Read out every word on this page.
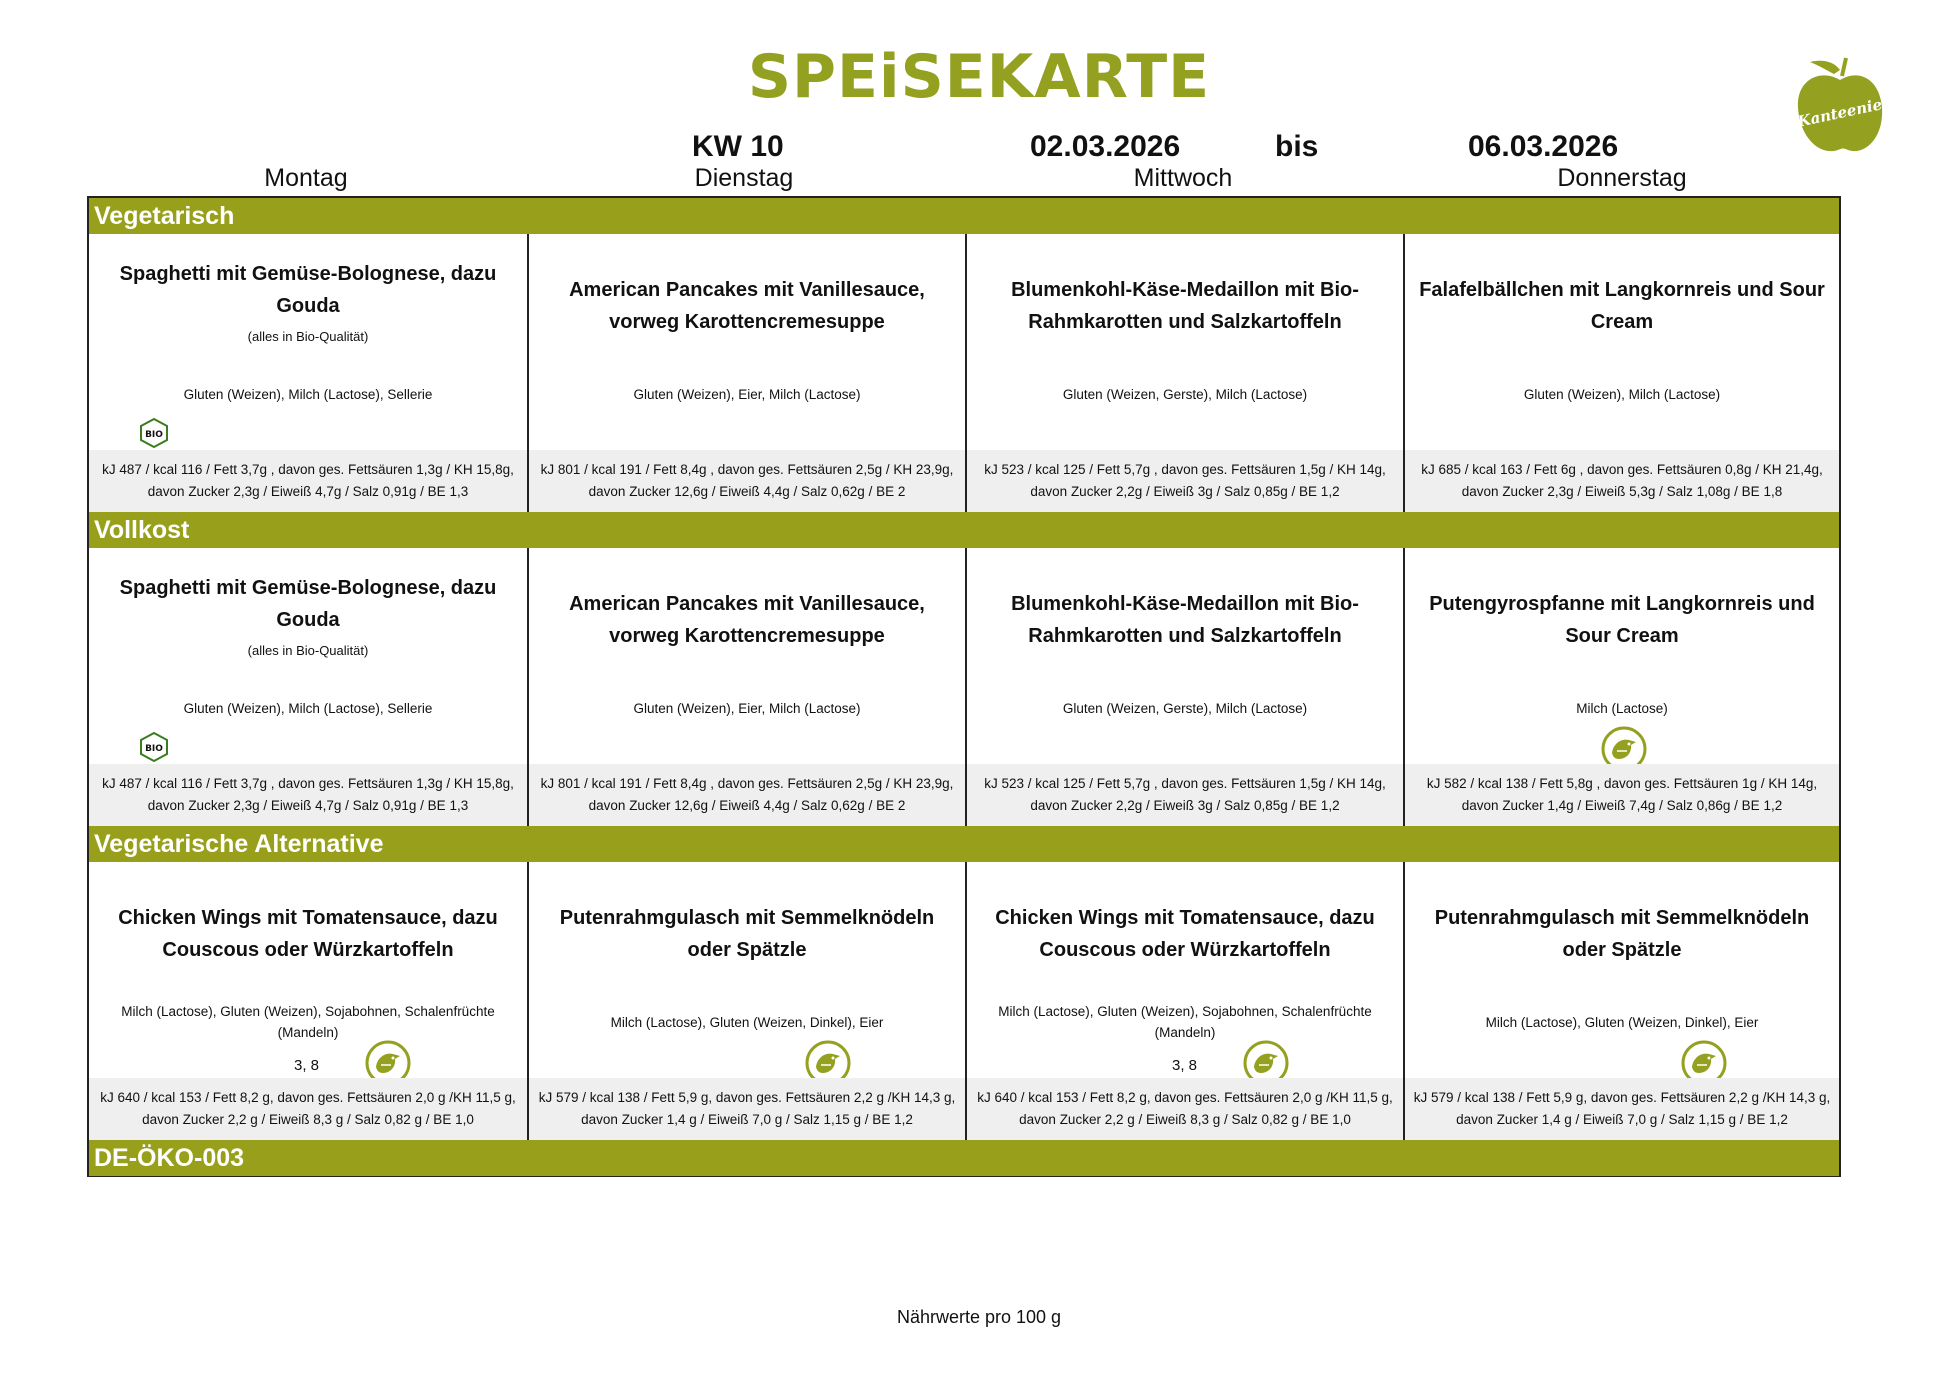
SPEiSEKARTE
Kanteenie
KW 10	02.03.2026	bis	06.03.2026
Montag	Dienstag	Mittwoch	Donnerstag
Vegetarisch
Spaghetti mit Gemüse-Bolognese, dazu Gouda
(alles in Bio-Qualität)
Gluten (Weizen), Milch (Lactose), Sellerie
BIO
kJ 487 / kcal 116 / Fett 3,7g , davon ges. Fettsäuren 1,3g / KH 15,8g, davon Zucker 2,3g / Eiweiß 4,7g / Salz 0,91g / BE 1,3
American Pancakes mit Vanillesauce, vorweg Karottencremesuppe
Gluten (Weizen), Eier, Milch (Lactose)
kJ 801 / kcal 191 / Fett 8,4g , davon ges. Fettsäuren 2,5g / KH 23,9g, davon Zucker 12,6g / Eiweiß 4,4g / Salz 0,62g / BE 2
Blumenkohl-Käse-Medaillon mit Bio-Rahmkarotten und Salzkartoffeln
Gluten (Weizen, Gerste), Milch (Lactose)
kJ 523 / kcal 125 / Fett 5,7g , davon ges. Fettsäuren 1,5g / KH 14g, davon Zucker 2,2g / Eiweiß 3g / Salz 0,85g / BE 1,2
Falafelbällchen mit Langkornreis und Sour Cream
Gluten (Weizen), Milch (Lactose)
kJ 685 / kcal 163 / Fett 6g , davon ges. Fettsäuren 0,8g / KH 21,4g, davon Zucker 2,3g / Eiweiß 5,3g / Salz 1,08g / BE 1,8
Vollkost
Spaghetti mit Gemüse-Bolognese, dazu Gouda
(alles in Bio-Qualität)
Gluten (Weizen), Milch (Lactose), Sellerie
BIO
kJ 487 / kcal 116 / Fett 3,7g , davon ges. Fettsäuren 1,3g / KH 15,8g, davon Zucker 2,3g / Eiweiß 4,7g / Salz 0,91g / BE 1,3
American Pancakes mit Vanillesauce, vorweg Karottencremesuppe
Gluten (Weizen), Eier, Milch (Lactose)
kJ 801 / kcal 191 / Fett 8,4g , davon ges. Fettsäuren 2,5g / KH 23,9g, davon Zucker 12,6g / Eiweiß 4,4g / Salz 0,62g / BE 2
Blumenkohl-Käse-Medaillon mit Bio-Rahmkarotten und Salzkartoffeln
Gluten (Weizen, Gerste), Milch (Lactose)
kJ 523 / kcal 125 / Fett 5,7g , davon ges. Fettsäuren 1,5g / KH 14g, davon Zucker 2,2g / Eiweiß 3g / Salz 0,85g / BE 1,2
Putengyrospfanne mit Langkornreis und Sour Cream
Milch (Lactose)
kJ 582 / kcal 138 / Fett 5,8g , davon ges. Fettsäuren 1g / KH 14g, davon Zucker 1,4g / Eiweiß 7,4g / Salz 0,86g / BE 1,2
Vegetarische Alternative
Chicken Wings mit Tomatensauce, dazu Couscous oder Würzkartoffeln
Milch (Lactose), Gluten (Weizen), Sojabohnen, Schalenfrüchte (Mandeln)
3, 8
kJ 640 / kcal 153 / Fett 8,2 g, davon ges. Fettsäuren 2,0 g /KH 11,5 g, davon Zucker 2,2 g / Eiweiß 8,3 g / Salz 0,82 g / BE 1,0
Putenrahmgulasch mit Semmelknödeln oder Spätzle
Milch (Lactose), Gluten (Weizen, Dinkel), Eier
kJ 579 / kcal 138 / Fett 5,9 g, davon ges. Fettsäuren 2,2 g /KH 14,3 g, davon Zucker 1,4 g / Eiweiß 7,0 g / Salz 1,15 g / BE 1,2
Chicken Wings mit Tomatensauce, dazu Couscous oder Würzkartoffeln
Milch (Lactose), Gluten (Weizen), Sojabohnen, Schalenfrüchte (Mandeln)
3, 8
kJ 640 / kcal 153 / Fett 8,2 g, davon ges. Fettsäuren 2,0 g /KH 11,5 g, davon Zucker 2,2 g / Eiweiß 8,3 g / Salz 0,82 g / BE 1,0
Putenrahmgulasch mit Semmelknödeln oder Spätzle
Milch (Lactose), Gluten (Weizen, Dinkel), Eier
kJ 579 / kcal 138 / Fett 5,9 g, davon ges. Fettsäuren 2,2 g /KH 14,3 g, davon Zucker 1,4 g / Eiweiß 7,0 g / Salz 1,15 g / BE 1,2
DE-ÖKO-003
Nährwerte pro 100 g
